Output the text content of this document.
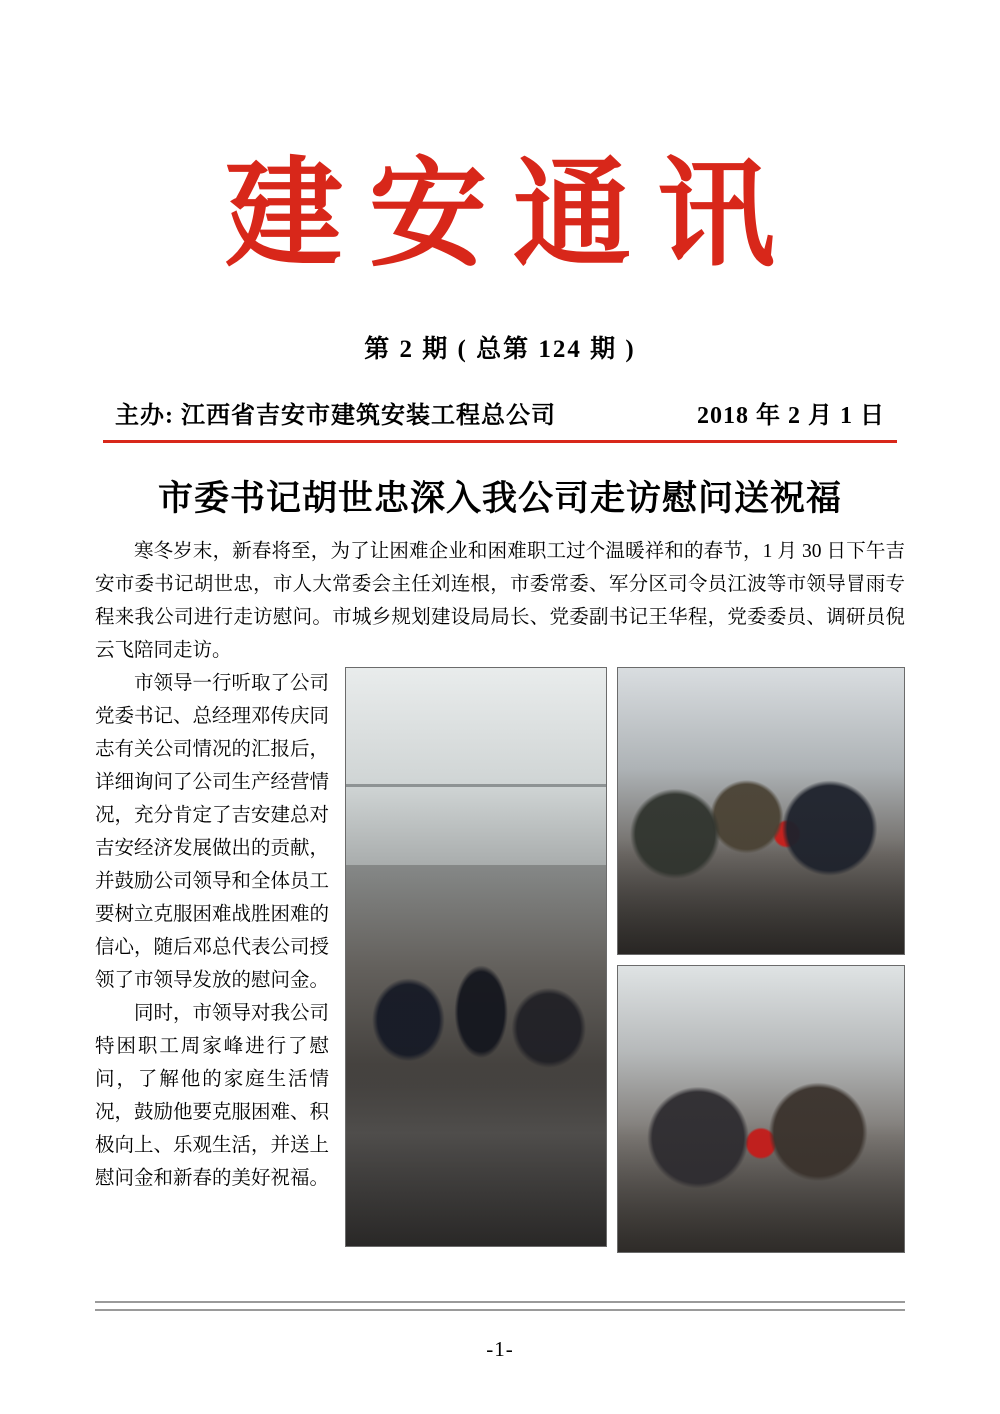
建安通讯
第 2 期 ( 总第 124 期 )
主办: 江西省吉安市建筑安装工程总公司	2018 年 2 月 1 日
市委书记胡世忠深入我公司走访慰问送祝福

寒冬岁末，新春将至，为了让困难企业和困难职工过个温暖祥和的春节，1 月 30 日下午吉安市委书记胡世忠，市人大常委会主任刘连根，市委常委、军分区司令员江波等市领导冒雨专程来我公司进行走访慰问。市城乡规划建设局局长、党委副书记王华程，党委委员、调研员倪云飞陪同走访。

市领导一行听取了公司党委书记、总经理邓传庆同志有关公司情况的汇报后，详细询问了公司生产经营情况，充分肯定了吉安建总对吉安经济发展做出的贡献，并鼓励公司领导和全体员工要树立克服困难战胜困难的信心，随后邓总代表公司授领了市领导发放的慰问金。

同时，市领导对我公司特困职工周家峰进行了慰问，了解他的家庭生活情况，鼓励他要克服困难、积极向上、乐观生活，并送上慰问金和新春的美好祝福。

-1-
